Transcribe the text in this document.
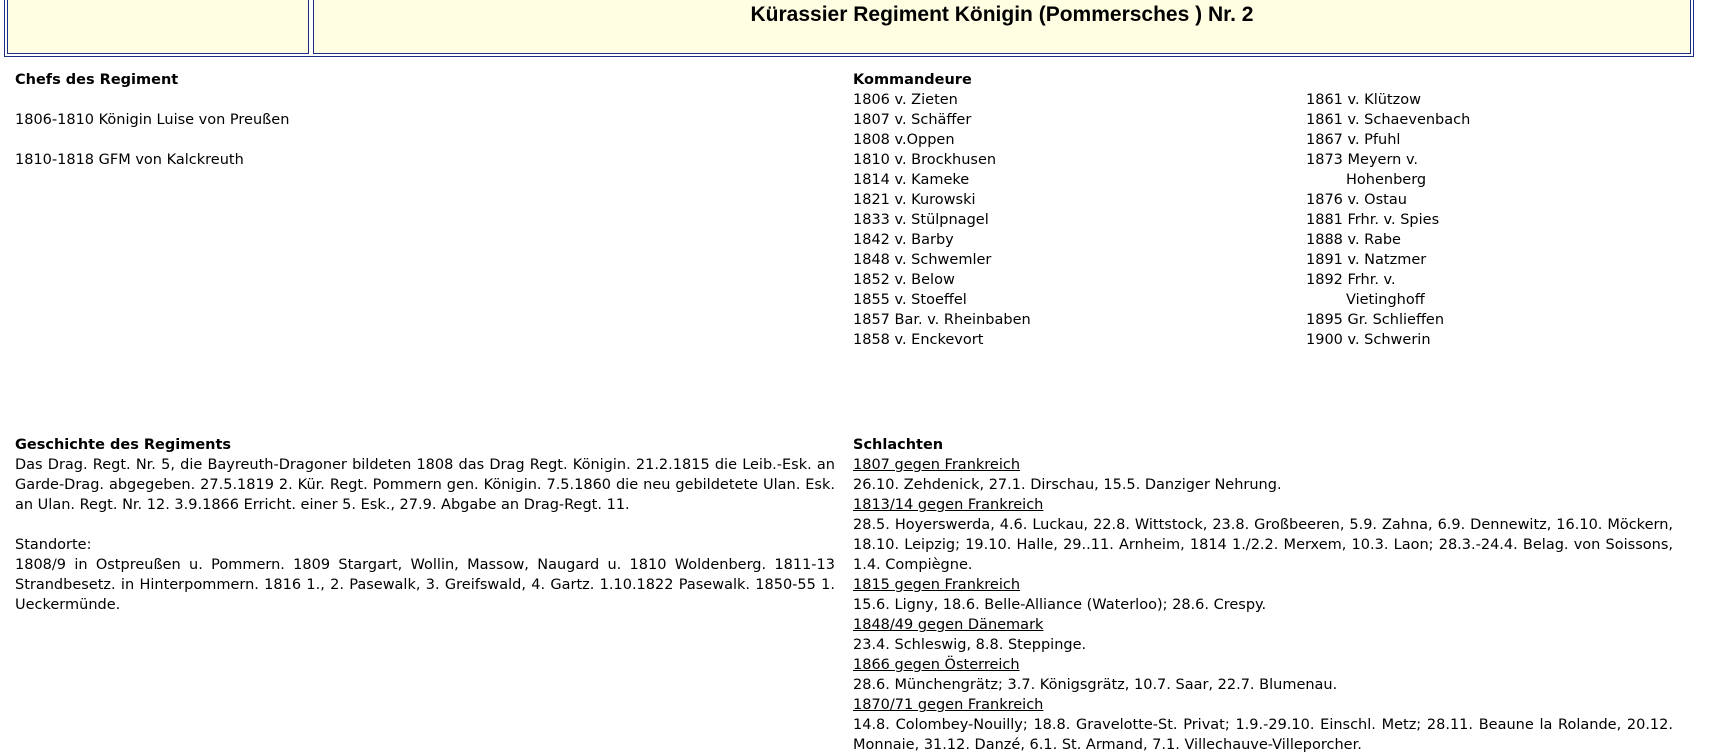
Kürassier Regiment Königin (Pommersches ) Nr. 2
Chefs des Regiment
1806-1810 Königin Luise von Preußen
1810-1818 GFM von Kalckreuth
Kommandeure
1806 v. Zieten
1807 v. Schäffer
1808 v.Oppen
1810 v. Brockhusen
1814 v. Kameke
1821 v. Kurowski
1833 v. Stülpnagel
1842 v. Barby
1848 v. Schwemler
1852 v. Below
1855 v. Stoeffel
1857 Bar. v. Rheinbaben
1858 v. Enckevort
1861 v. Klützow
1861 v. Schaevenbach
1867 v. Pfuhl
1873 Meyern v.
Hohenberg
1876 v. Ostau
1881 Frhr. v. Spies
1888 v. Rabe
1891 v. Natzmer
1892 Frhr. v.
Vietinghoff
1895 Gr. Schlieffen
1900 v. Schwerin
Geschichte des Regiments
Das Drag. Regt. Nr. 5, die Bayreuth-Dragoner bildeten 1808 das Drag Regt. Königin. 21.2.1815 die Leib.-Esk. an Garde-Drag. abgegeben. 27.5.1819 2. Kür. Regt. Pommern gen. Königin. 7.5.1860 die neu gebildetete Ulan. Esk. an Ulan. Regt. Nr. 12. 3.9.1866 Erricht. einer 5. Esk., 27.9. Abgabe an Drag-Regt. 11.
Standorte:
1808/9 in Ostpreußen u. Pommern. 1809 Stargart, Wollin, Massow, Naugard u. 1810 Woldenberg. 1811-13 Strandbesetz. in Hinterpommern. 1816 1., 2. Pasewalk, 3. Greifswald, 4. Gartz. 1.10.1822 Pasewalk. 1850-55 1. Ueckermünde.
Schlachten
1807 gegen Frankreich
26.10. Zehdenick, 27.1. Dirschau, 15.5. Danziger Nehrung.
1813/14 gegen Frankreich
28.5. Hoyerswerda, 4.6. Luckau, 22.8. Wittstock, 23.8. Großbeeren, 5.9. Zahna, 6.9. Dennewitz, 16.10. Möckern, 18.10. Leipzig; 19.10. Halle, 29..11. Arnheim, 1814 1./2.2. Merxem, 10.3. Laon; 28.3.-24.4. Belag. von Soissons, 1.4. Compiègne.
1815 gegen Frankreich
15.6. Ligny, 18.6. Belle-Alliance (Waterloo); 28.6. Crespy.
1848/49 gegen Dänemark
23.4. Schleswig, 8.8. Steppinge.
1866 gegen Österreich
28.6. Münchengrätz; 3.7. Königsgrätz, 10.7. Saar, 22.7. Blumenau.
1870/71 gegen Frankreich
14.8. Colombey-Nouilly; 18.8. Gravelotte-St. Privat; 1.9.-29.10. Einschl. Metz; 28.11. Beaune la Rolande, 20.12. Monnaie, 31.12. Danzé, 6.1. St. Armand, 7.1. Villechauve-Villeporcher.
